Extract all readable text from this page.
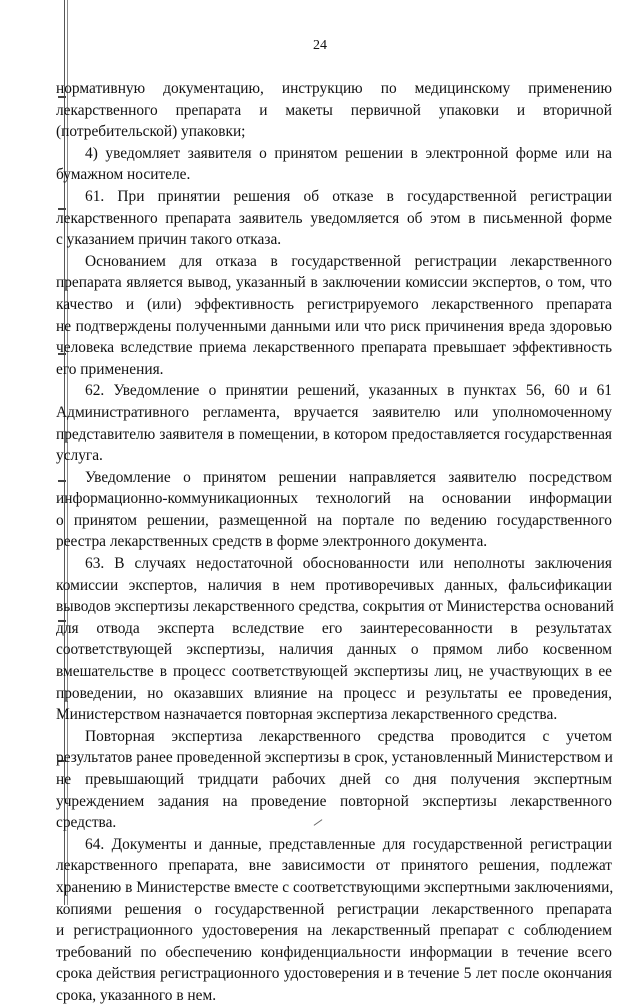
24
нормативную документацию, инструкцию по медицинскому применению
лекарственного препарата и макеты первичной упаковки и вторичной
(потребительской) упаковки;
4) уведомляет заявителя о принятом решении в электронной форме или на
бумажном носителе.
61. При принятии решения об отказе в государственной регистрации
лекарственного препарата заявитель уведомляется об этом в письменной форме
с указанием причин такого отказа.
Основанием для отказа в государственной регистрации лекарственного
препарата является вывод, указанный в заключении комиссии экспертов, о том, что
качество и (или) эффективность регистрируемого лекарственного препарата
не подтверждены полученными данными или что риск причинения вреда здоровью
человека вследствие приема лекарственного препарата превышает эффективность
его применения.
62. Уведомление о принятии решений, указанных в пунктах 56, 60 и 61
Административного регламента, вручается заявителю или уполномоченному
представителю заявителя в помещении, в котором предоставляется государственная
услуга.
Уведомление о принятом решении направляется заявителю посредством
информационно-коммуникационных технологий на основании информации
о принятом решении, размещенной на портале по ведению государственного
реестра лекарственных средств в форме электронного документа.
63. В случаях недостаточной обоснованности или неполноты заключения
комиссии экспертов, наличия в нем противоречивых данных, фальсификации
выводов экспертизы лекарственного средства, сокрытия от Министерства оснований
для отвода эксперта вследствие его заинтересованности в результатах
соответствующей экспертизы, наличия данных о прямом либо косвенном
вмешательстве в процесс соответствующей экспертизы лиц, не участвующих в ее
проведении, но оказавших влияние на процесс и результаты ее проведения,
Министерством назначается повторная экспертиза лекарственного средства.
Повторная экспертиза лекарственного средства проводится с учетом
результатов ранее проведенной экспертизы в срок, установленный Министерством и
не превышающий тридцати рабочих дней со дня получения экспертным
учреждением задания на проведение повторной экспертизы лекарственного
средства.
64. Документы и данные, представленные для государственной регистрации
лекарственного препарата, вне зависимости от принятого решения, подлежат
хранению в Министерстве вместе с соответствующими экспертными заключениями,
копиями решения о государственной регистрации лекарственного препарата
и регистрационного удостоверения на лекарственный препарат с соблюдением
требований по обеспечению конфиденциальности информации в течение всего
срока действия регистрационного удостоверения и в течение 5 лет после окончания
срока, указанного в нем.
